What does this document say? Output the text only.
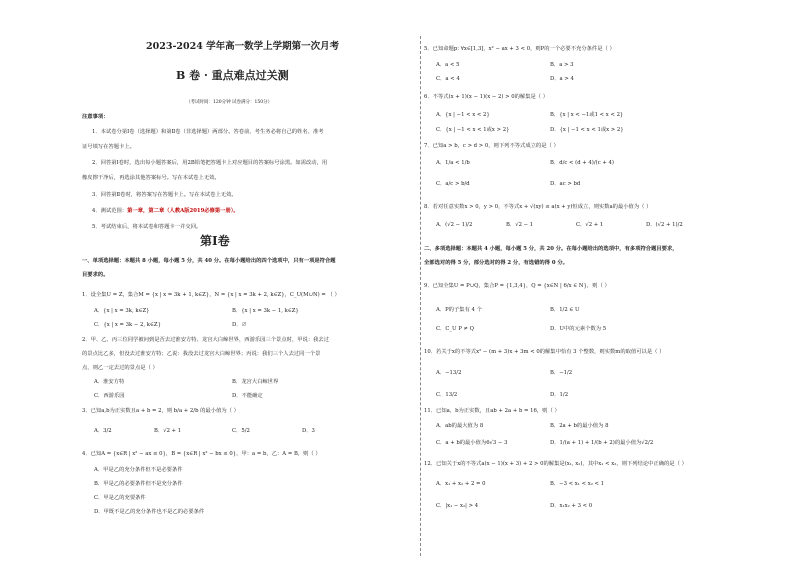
2023-2024 学年高一数学上学期第一次月考
B 卷 · 重点难点过关测
（考试时间：120分钟 试卷满分：150分）
注意事项：
1．本试卷分第Ⅰ卷（选择题）和第Ⅱ卷（非选择题）两部分。答卷前，考生务必将自己的姓名、准考
证号填写在答题卡上。
2．回答第Ⅰ卷时，选出每小题答案后，用2B铅笔把答题卡上对应题目的答案标号涂黑。如需改动，用
橡皮擦干净后，再选涂其他答案标号。写在本试卷上无效。
3．回答第Ⅱ卷时，将答案写在答题卡上。写在本试卷上无效。
4．测试范围：第一章，第二章（人教A版2019必修第一册）。
5．考试结束后，将本试卷和答题卡一并交回。
第Ⅰ卷
一、单项选择题：本题共 8 小题，每小题 5 分，共 40 分。在每小题给出的四个选项中，只有一项是符合题
目要求的。
1．设全集U = Z，集合M = {x | x = 3k + 1, k∈Z}，N = {x | x = 3k + 2, k∈Z}，C_U(M∪N) = （ ）
A．{x | x = 3k, k∈Z}	B．{x | x = 3k − 1, k∈Z}
C．{x | x = 3k − 2, k∈Z}	D．∅
2．甲、乙、丙三位同学被问到是否去过淮安方特、龙宫大白鲸世界，西游乐园三个景点时，甲说：我去过
的景点比乙多，但没去过淮安方特；乙说：我没去过龙宫大白鲸世界；丙说：我们三个人去过同一个景
点，则乙一定去过的景点是（ ）
A．淮安方特	B．龙宫大白鲸世界
C．西游乐园	D．不能确定
3．已知a,b为正实数且a + b = 2，则 b/a + 2/b 的最小值为（ ）
A．3/2	B．√2 + 1	C．5/2	D．3
4．已知A = {x∈R | x² − ax ≤ 0}，B = {x∈R | x² − bx ≤ 0}，甲：a = b，乙：A = B，则（ ）
A．甲是乙的充分条件但不是必要条件
B．甲是乙的必要条件但不是充分条件
C．甲是乙的充要条件
D．甲既不是乙的充分条件也不是乙的必要条件
5．已知命题p: ∀x∈[1,3]，x² − ax + 3 < 0，则P的一个必要不充分条件是（ ）
A．a < 5	B．a > 3
C．a < 4	D．a > 4
6．不等式(x + 1)(x − 1)(x − 2) > 0的解集是（ ）
A．{x | −1 < x < 2}	B．{x | x < −1或1 < x < 2}
C．{x | −1 < x < 1或x > 2}	D．{x | −1 < x < 1或x > 2}
7．已知a > b，c > d > 0，则下列不等式成立的是（ ）
A．1/a < 1/b	B．d/c < (d + 4)/(c + 4)
C．a/c > b/d	D．ac > bd
8．若对任意实数x > 0，y > 0，不等式x + √(xy) ≤ a(x + y)恒成立，则实数a的最小值为（ ）
A．(√2 − 1)/2	B．√2 − 1	C．√2 + 1	D．(√2 + 1)/2
二、多项选择题：本题共 4 小题，每小题 5 分，共 20 分。在每小题给出的选项中，有多项符合题目要求，
全部选对的得 5 分，部分选对的得 2 分，有选错的得 0 分。
9．已知全集U = P∪Q，集合P = {1,3,4}，Q = {x∈N | 6/x ∈ N}，则（ ）
A．P的子集有 4 个	B．1/2 ∈ U
C．C_U P ≠ Q	D．U中的元素个数为 5
10．若关于x的不等式x² − (m + 3)x + 3m < 0的解集中恰有 3 个整数，则实数m的取值可以是（ ）
A．−13/2	B．−1/2
C．13/2	D．1/2
11．已知a，b为正实数，且ab + 2a + b = 16，则（ ）
A．ab的最大值为 8	B．2a + b的最小值为 8
C．a + b的最小值为6√3 − 3	D．1/(a + 1) + 1/(b + 2)的最小值为√2/2
12．已知关于x的不等式a(x − 1)(x + 3) + 2 > 0的解集是(x₁, x₂)，其中x₁ < x₂，则下列结论中正确的是（ ）
A．x₁ + x₂ + 2 = 0	B．−3 < x₁ < x₂ < 1
C．|x₁ − x₂| > 4	D．x₁x₂ + 3 < 0
